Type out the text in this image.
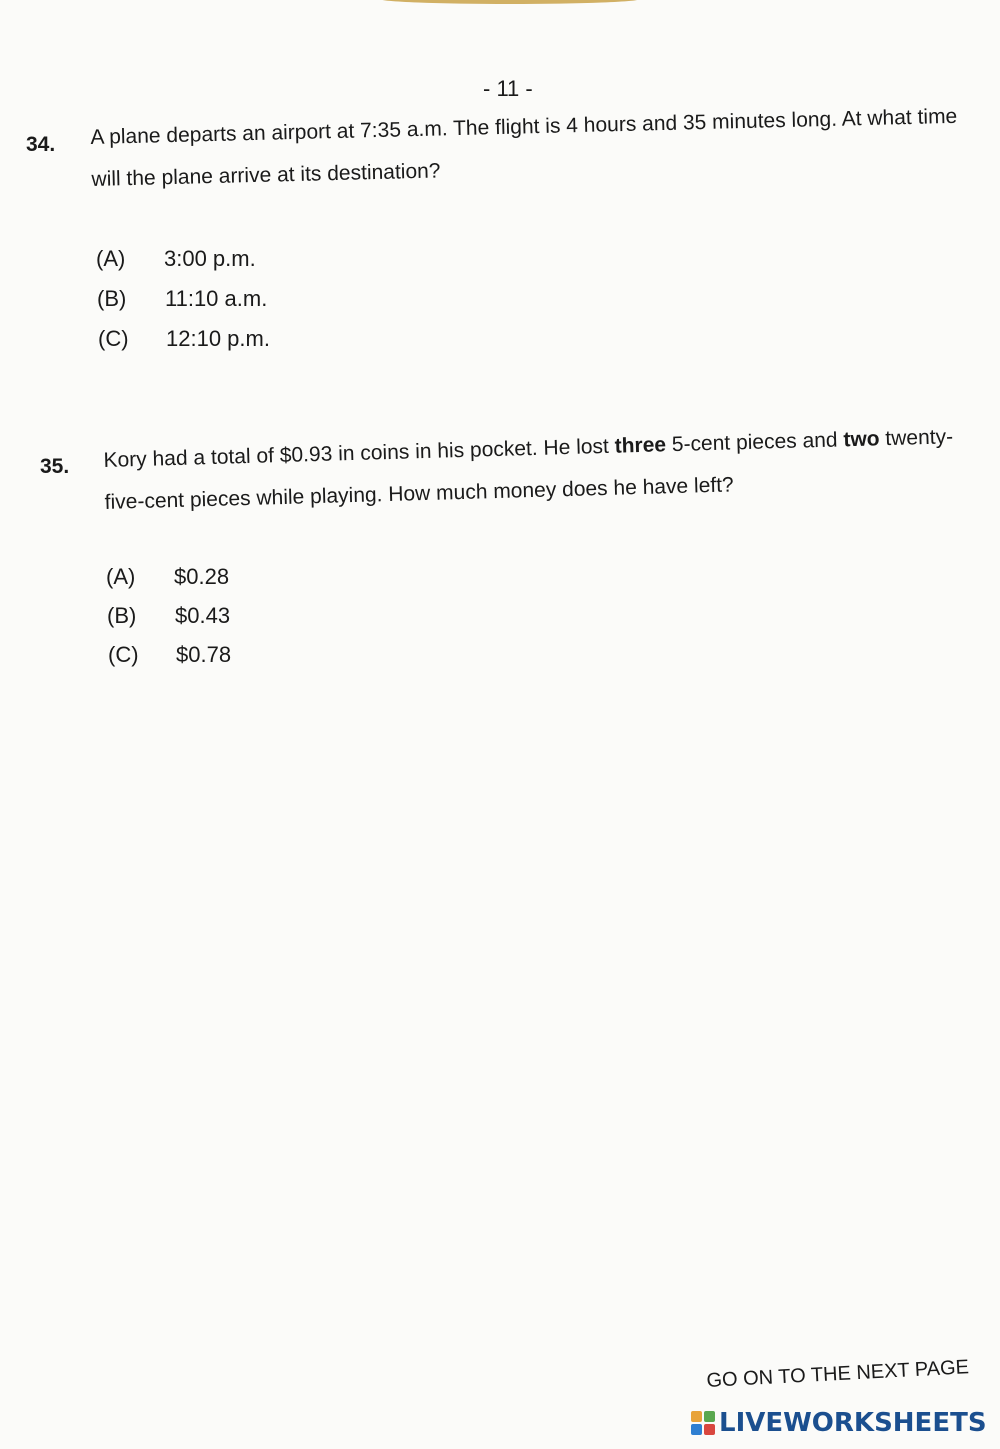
- 11 -
34. A plane departs an airport at 7:35 a.m. The flight is 4 hours and 35 minutes long. At what time will the plane arrive at its destination?
(A) 3:00 p.m.
(B) 11:10 a.m.
(C) 12:10 p.m.
35. Kory had a total of $0.93 in coins in his pocket. He lost three 5-cent pieces and two twenty-five-cent pieces while playing. How much money does he have left?
(A) $0.28
(B) $0.43
(C) $0.78
GO ON TO THE NEXT PAGE
LIVEWORKSHEETS
